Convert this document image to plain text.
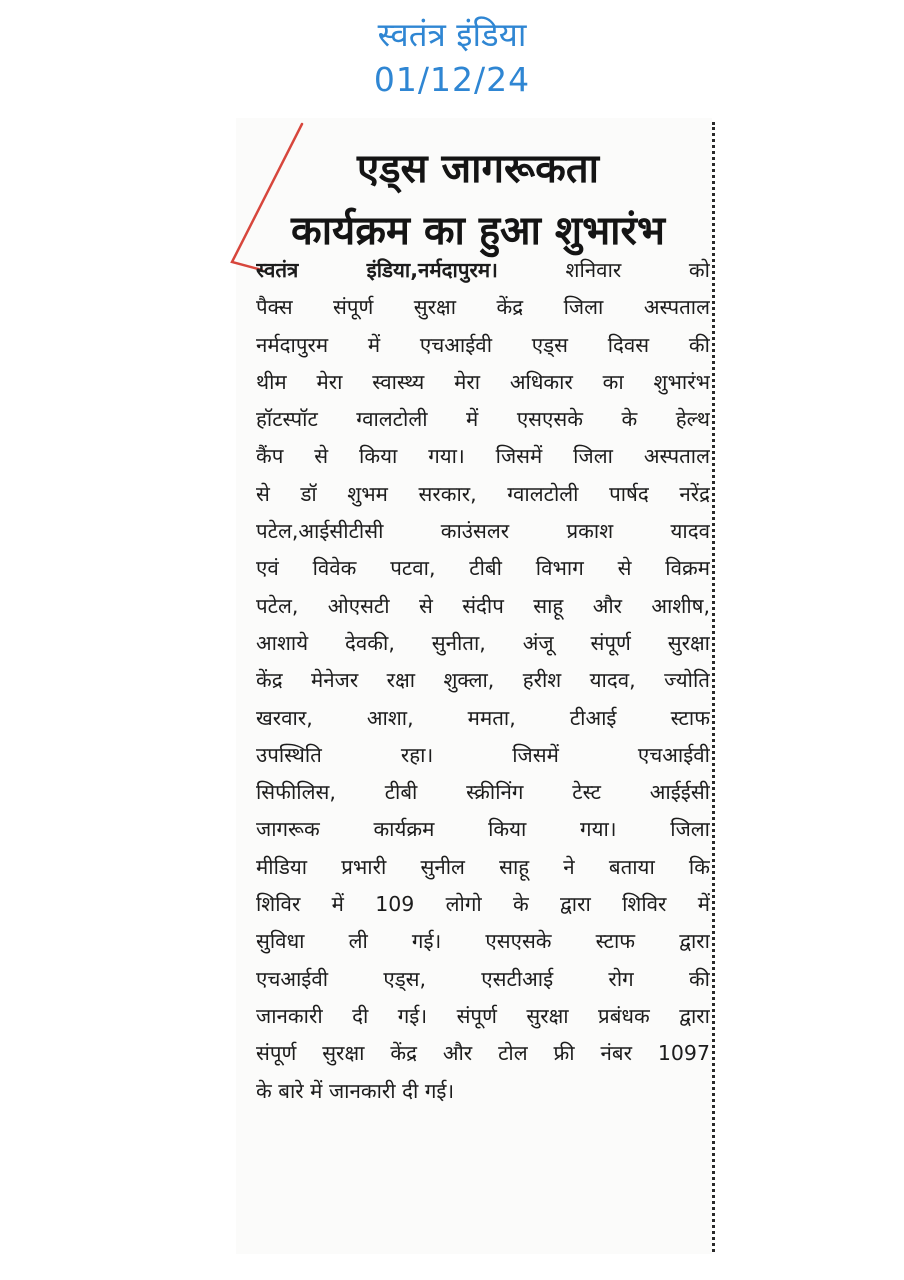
स्वतंत्र इंडिया
01/12/24
एड्स जागरूकता
कार्यक्रम का हुआ शुभारंभ
स्वतंत्र इंडिया,नर्मदापुरम।	शनिवार को
पैक्स संपूर्ण सुरक्षा केंद्र जिला अस्पताल
नर्मदापुरम में एचआईवी एड्स दिवस की
थीम मेरा स्वास्थ्य मेरा अधिकार का शुभारंभ
हॉटस्पॉट ग्वालटोली में एसएसके के हेल्थ
कैंप से किया गया। जिसमें जिला अस्पताल
से डॉ शुभम सरकार, ग्वालटोली पार्षद नरेंद्र
पटेल,आईसीटीसी काउंसलर प्रकाश यादव
एवं विवेक पटवा, टीबी विभाग से विक्रम
पटेल, ओएसटी से संदीप साहू और आशीष,
आशाये देवकी, सुनीता, अंजू संपूर्ण सुरक्षा
केंद्र मेनेजर रक्षा शुक्ला, हरीश यादव, ज्योति
खरवार, आशा, ममता, टीआई स्टाफ
उपस्थिति रहा। जिसमें एचआईवी
सिफीलिस, टीबी स्क्रीनिंग टेस्ट आईईसी
जागरूक कार्यक्रम किया गया। जिला
मीडिया प्रभारी सुनील साहू ने बताया कि
शिविर में 109 लोगो के द्वारा शिविर में
सुविधा ली गई। एसएसके स्टाफ द्वारा
एचआईवी एड्स, एसटीआई रोग की
जानकारी दी गई। संपूर्ण सुरक्षा प्रबंधक द्वारा
संपूर्ण सुरक्षा केंद्र और टोल फ्री नंबर 1097
के बारे में जानकारी दी गई।
